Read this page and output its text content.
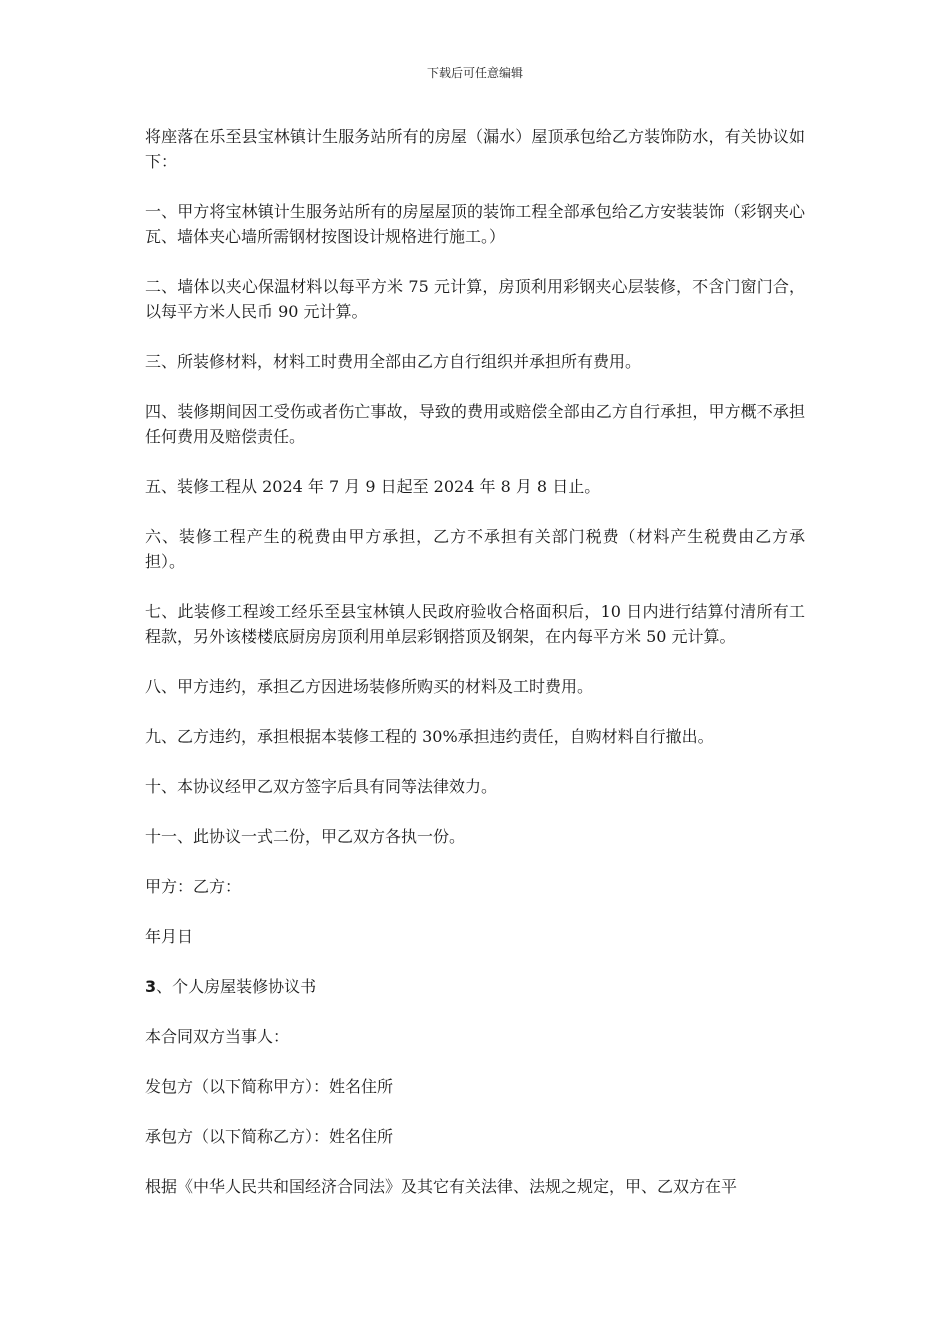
下载后可任意编辑

将座落在乐至县宝林镇计生服务站所有的房屋（漏水）屋顶承包给乙方装饰防水，有关协议如下：

一、甲方将宝林镇计生服务站所有的房屋屋顶的装饰工程全部承包给乙方安装装饰（彩钢夹心瓦、墙体夹心墙所需钢材按图设计规格进行施工。）

二、墙体以夹心保温材料以每平方米 75 元计算，房顶利用彩钢夹心层装修，不含门窗门合，以每平方米人民币 90 元计算。

三、所装修材料，材料工时费用全部由乙方自行组织并承担所有费用。

四、装修期间因工受伤或者伤亡事故，导致的费用或赔偿全部由乙方自行承担，甲方概不承担任何费用及赔偿责任。

五、装修工程从 2024 年 7 月 9 日起至 2024 年 8 月 8 日止。

六、装修工程产生的税费由甲方承担，乙方不承担有关部门税费（材料产生税费由乙方承担）。

七、此装修工程竣工经乐至县宝林镇人民政府验收合格面积后，10 日内进行结算付清所有工程款，另外该楼楼底厨房房顶利用单层彩钢搭顶及钢架，在内每平方米 50 元计算。

八、甲方违约，承担乙方因进场装修所购买的材料及工时费用。

九、乙方违约，承担根据本装修工程的 30%承担违约责任，自购材料自行撤出。

十、本协议经甲乙双方签字后具有同等法律效力。

十一、此协议一式二份，甲乙双方各执一份。

甲方：乙方：

年月日

3、个人房屋装修协议书

本合同双方当事人：

发包方（以下简称甲方）：姓名住所

承包方（以下简称乙方）：姓名住所

根据《中华人民共和国经济合同法》及其它有关法律、法规之规定，甲、乙双方在平
